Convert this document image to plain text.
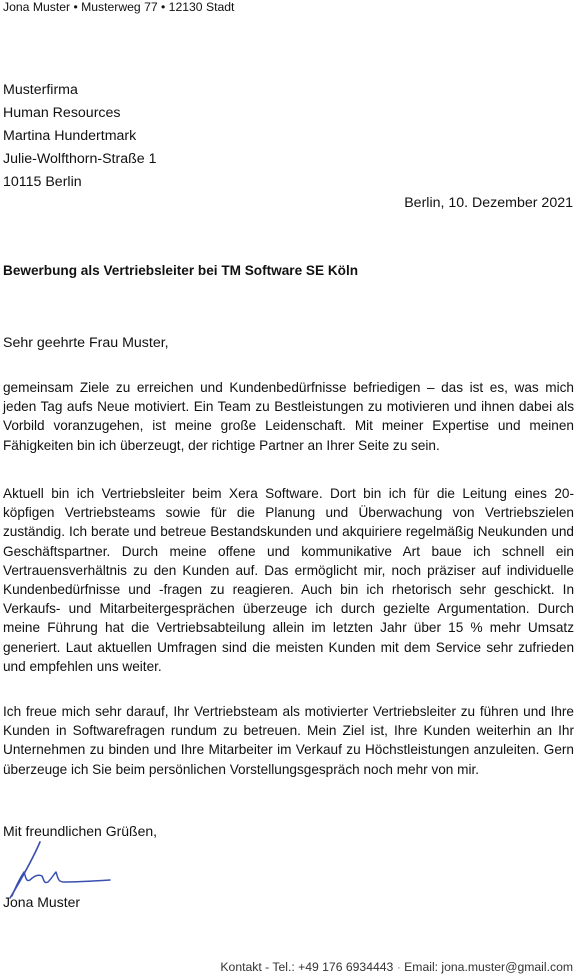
Jona Muster • Musterweg 77 • 12130 Stadt
Musterfirma
Human Resources
Martina Hundertmark
Julie-Wolfthorn-Straße 1
10115 Berlin
Berlin, 10. Dezember 2021
Bewerbung als Vertriebsleiter bei TM Software SE Köln
Sehr geehrte Frau Muster,
gemeinsam Ziele zu erreichen und Kundenbedürfnisse befriedigen – das ist es, was mich jeden Tag aufs Neue motiviert. Ein Team zu Bestleistungen zu motivieren und ihnen dabei als Vorbild voranzugehen, ist meine große Leidenschaft. Mit meiner Expertise und meinen Fähigkeiten bin ich überzeugt, der richtige Partner an Ihrer Seite zu sein.
Aktuell bin ich Vertriebsleiter beim Xera Software. Dort bin ich für die Leitung eines 20-köpfigen Vertriebsteams sowie für die Planung und Überwachung von Vertriebszielen zuständig. Ich berate und betreue Bestandskunden und akquiriere regelmäßig Neukunden und Geschäftspartner. Durch meine offene und kommunikative Art baue ich schnell ein Vertrauensverhältnis zu den Kunden auf. Das ermöglicht mir, noch präziser auf individuelle Kundenbedürfnisse und -fragen zu reagieren. Auch bin ich rhetorisch sehr geschickt. In Verkaufs- und Mitarbeitergesprächen überzeuge ich durch gezielte Argumentation. Durch meine Führung hat die Vertriebsabteilung allein im letzten Jahr über 15 % mehr Umsatz generiert. Laut aktuellen Umfragen sind die meisten Kunden mit dem Service sehr zufrieden und empfehlen uns weiter.
Ich freue mich sehr darauf, Ihr Vertriebsteam als motivierter Vertriebsleiter zu führen und Ihre Kunden in Softwarefragen rundum zu betreuen. Mein Ziel ist, Ihre Kunden weiterhin an Ihr Unternehmen zu binden und Ihre Mitarbeiter im Verkauf zu Höchstleistungen anzuleiten. Gern überzeuge ich Sie beim persönlichen Vorstellungsgespräch noch mehr von mir.
Mit freundlichen Grüßen,
Jona Muster
Kontakt - Tel.: +49 176 6934443 · Email: jona.muster@gmail.com
